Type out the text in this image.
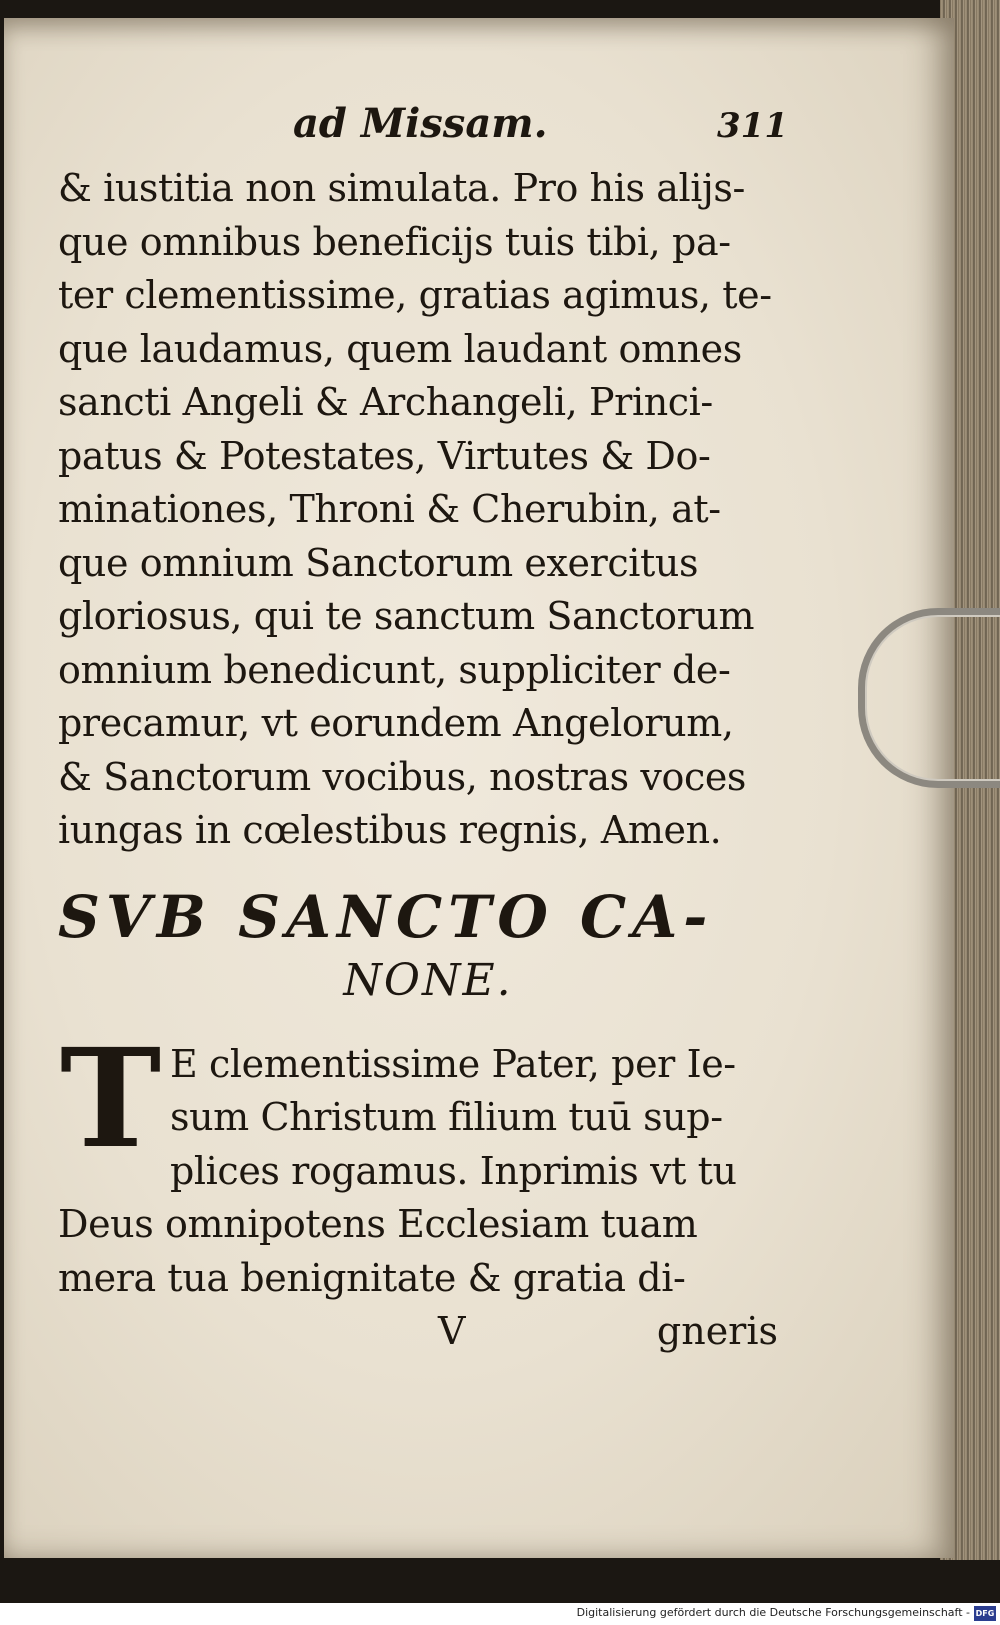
ad Missam.	311
& iustitia non simulata. Pro his alijs-
que omnibus beneficijs tuis tibi, pa-
ter clementissime, gratias agimus, te-
que laudamus, quem laudant omnes
sancti Angeli & Archangeli, Princi-
patus & Potestates, Virtutes & Do-
minationes, Throni & Cherubin, at-
que omnium Sanctorum exercitus
gloriosus, qui te sanctum Sanctorum
omnium benedicunt, suppliciter de-
precamur, vt eorundem Angelorum,
& Sanctorum vocibus, nostras voces
iungas in cœlestibus regnis, Amen.
SVB SANCTO CA-
NONE.
T E clementissime Pater, per Ie-
sum Christum filium tuū sup-
plices rogamus. Inprimis vt tu
Deus omnipotens Ecclesiam tuam
mera tua benignitate & gratia di-
V	gneris
Digitalisierung gefördert durch die Deutsche Forschungsgemeinschaft - DFG
